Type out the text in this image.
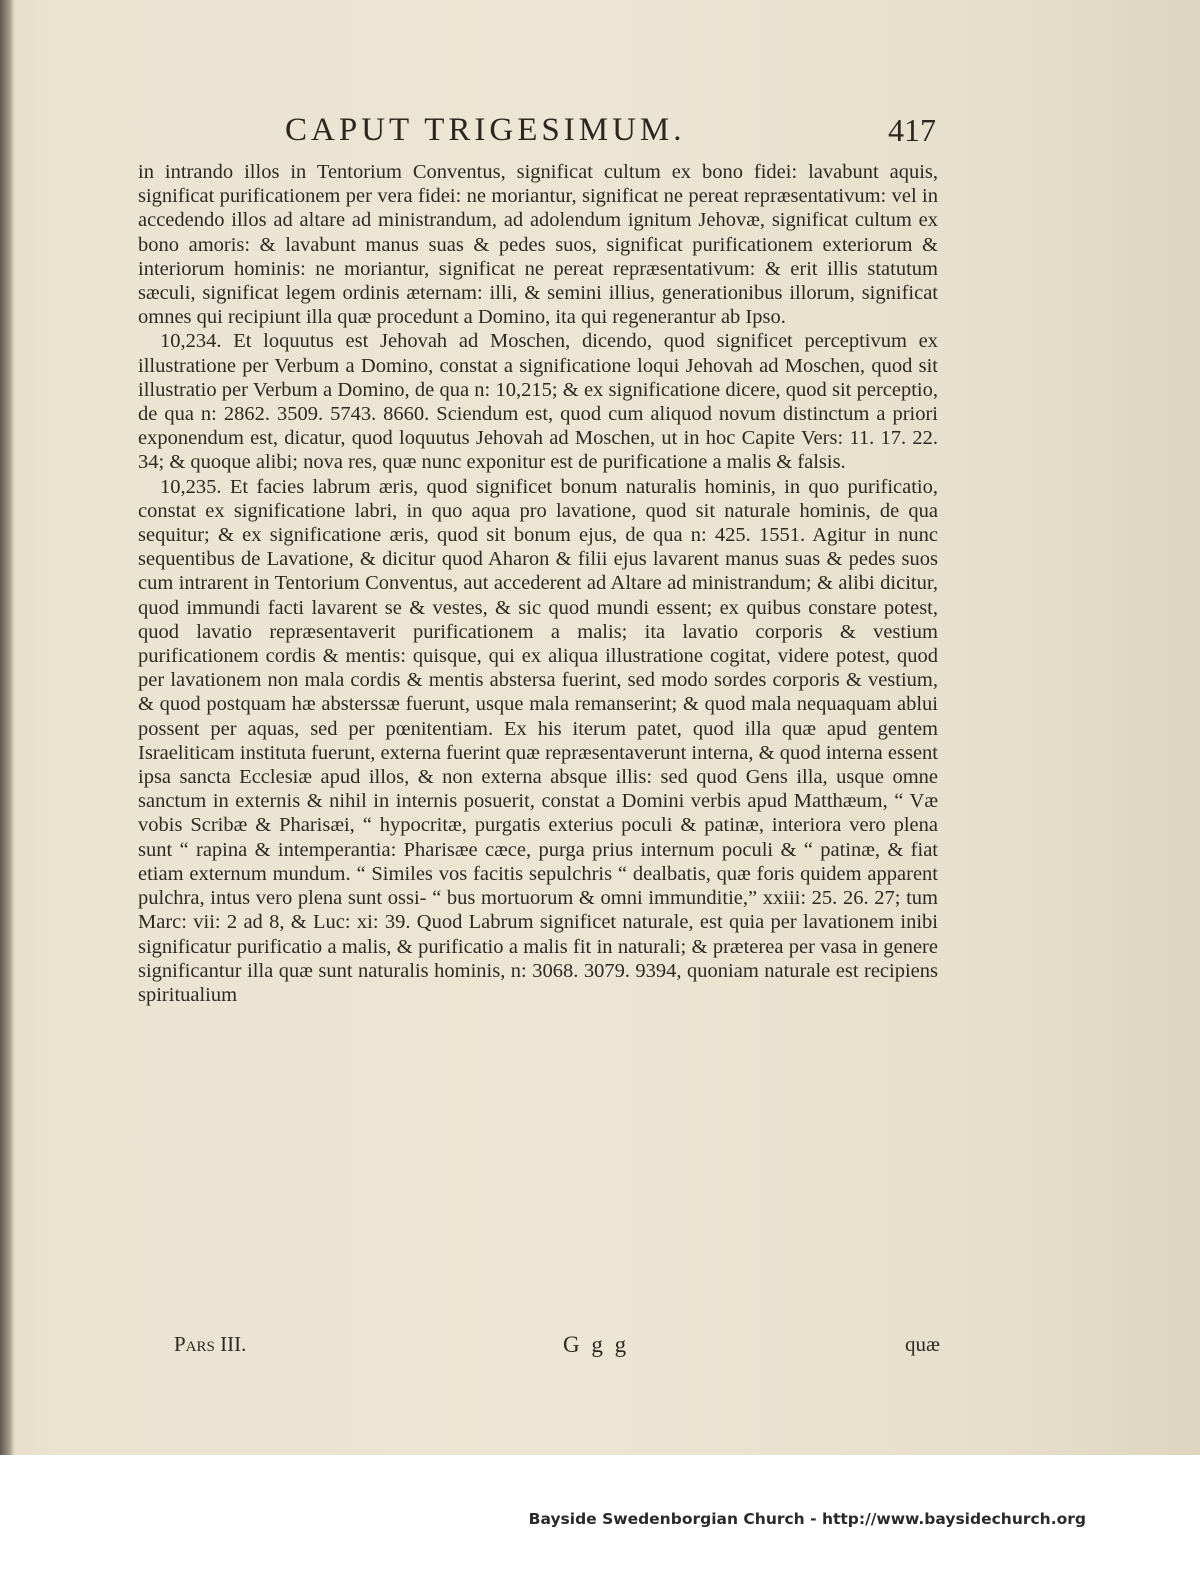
CAPUT TRIGESIMUM.	417

in intrando illos in Tentorium Conventus, significat cultum ex bono fidei: lavabunt aquis, significat purificationem per vera fidei: ne moriantur, significat ne pereat repræsentativum: vel in accedendo illos ad altare ad ministrandum, ad adolendum ignitum Jehovæ, significat cultum ex bono amoris: & lavabunt manus suas & pedes suos, significat purificationem exteriorum & interiorum hominis: ne moriantur, significat ne pereat repræsentativum: & erit illis statutum sæculi, significat legem ordinis æternam: illi, & semini illius, generationibus illorum, significat omnes qui recipiunt illa quæ procedunt a Domino, ita qui regenerantur ab Ipso.

10,234. Et loquutus est Jehovah ad Moschen, dicendo, quod significet perceptivum ex illustratione per Verbum a Domino, constat a significatione loqui Jehovah ad Moschen, quod sit illustratio per Verbum a Domino, de qua n: 10,215; & ex significatione dicere, quod sit perceptio, de qua n: 2862. 3509. 5743. 8660. Sciendum est, quod cum aliquod novum distinctum a priori exponendum est, dicatur, quod loquutus Jehovah ad Moschen, ut in hoc Capite Vers: 11. 17. 22. 34; & quoque alibi; nova res, quæ nunc exponitur est de purificatione a malis & falsis.

10,235. Et facies labrum æris, quod significet bonum naturalis hominis, in quo purificatio, constat ex significatione labri, in quo aqua pro lavatione, quod sit naturale hominis, de qua sequitur; & ex significatione æris, quod sit bonum ejus, de qua n: 425. 1551. Agitur in nunc sequentibus de Lavatione, & dicitur quod Aharon & filii ejus lavarent manus suas & pedes suos cum intrarent in Tentorium Conventus, aut accederent ad Altare ad ministrandum; & alibi dicitur, quod immundi facti lavarent se & vestes, & sic quod mundi essent; ex quibus constare potest, quod lavatio repræsentaverit purificationem a malis; ita lavatio corporis & vestium purificationem cordis & mentis: quisque, qui ex aliqua illustratione cogitat, videre potest, quod per lavationem non mala cordis & mentis abstersa fuerint, sed modo sordes corporis & vestium, & quod postquam hæ absterssæ fuerunt, usque mala remanserint; & quod mala nequaquam ablui possent per aquas, sed per pœnitentiam. Ex his iterum patet, quod illa quæ apud gentem Israeliticam instituta fuerunt, externa fuerint quæ repræsentaverunt interna, & quod interna essent ipsa sancta Ecclesiæ apud illos, & non externa absque illis: sed quod Gens illa, usque omne sanctum in externis & nihil in internis posuerit, constat a Domini verbis apud Matthæum, “ Væ vobis Scribæ & Pharisæi, “ hypocritæ, purgatis exterius poculi & patinæ, interiora vero plena sunt “ rapina & intemperantia: Pharisæe cæce, purga prius internum poculi & “ patinæ, & fiat etiam externum mundum. “ Similes vos facitis sepulchris “ dealbatis, quæ foris quidem apparent pulchra, intus vero plena sunt ossi- “ bus mortuorum & omni immunditie,” xxiii: 25. 26. 27; tum Marc: vii: 2 ad 8, & Luc: xi: 39. Quod Labrum significet naturale, est quia per lavationem inibi significatur purificatio a malis, & purificatio a malis fit in naturali; & præterea per vasa in genere significantur illa quæ sunt naturalis hominis, n: 3068. 3079. 9394, quoniam naturale est recipiens spiritualium

Pars III.	G g g	quæ
Bayside Swedenborgian Church - http://www.baysidechurch.org
